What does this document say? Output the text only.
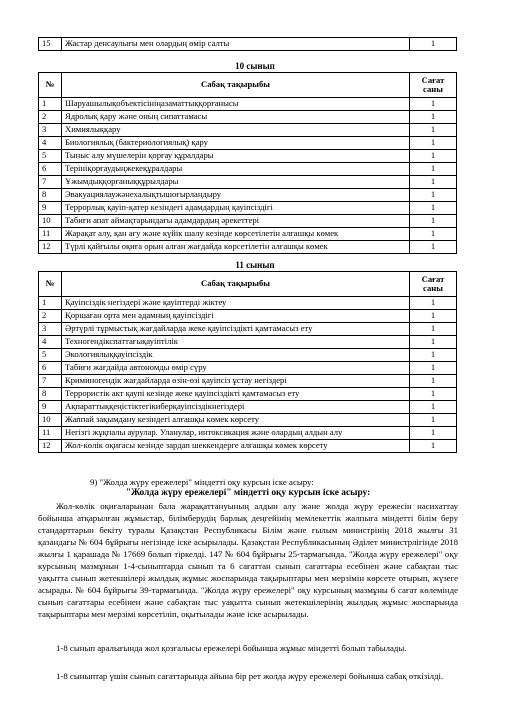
15	Жастар денсаулығы мен олардың өмір салты	1
10 сынып
№	Сабақ тақырыбы	Сағат
саны
1	Шаруашылықобъектісініңазаматтыққорғанысы	1
2	Ядролық қару және оның сипаттамасы	1
3	Химиялыққару	1
4	Биологиялық (бактериологиялық) қару	1
5	Тыныс алу мүшелерін қорғау құралдары	1
6	Терініқорғаудыңжекеқұралдары	1
7	Ұжымдыққорғаныққұрылдары	1
8	Эвакуациялаужәнехалықтышоғырландыру	1
9	Террорлық қауіп-қатер кезіндегі адамдардың қауіпсіздігі	1
10	Табиғи апат аймақтарындағы адамдардың әрекеттері	1
11	Жарақат алу, қан ағу және күйік шалу кезінде көрсетілетін алғашқы көмек	1
12	Түрлі қайғылы оқиға орын алған жағдайда көрсетілетін алғашқы көмек	1
11 сынып
№	Сабақ тақырыбы	Сағат
саны
1	Қауіпсіздік негіздері және қауіптерді жіктеу	1
2	Қоршаған орта мен адамның қауіпсіздігі	1
3	Әртүрлі тұрмыстық жағдайларда жеке қауіпсіздікті қамтамасыз ету	1
4	Техногендікспаттағықауіптілік	1
5	Экологиялыққауіпсіздік	1
6	Табиғи жағдайда автономды өмір сүру	1
7	Криминогендік жағдайларда өзін-өзі қауіпсіз ұстау негіздері	1
8	Террористік акт қаупі кезінде жеке қауіпсіздікті қамтамасыз ету	1
9	Ақпараттыққеңістіктегікиберқауіпсіздікнегіздері	1
10	Жаппай зақымдану кезіндегі алғашқы көмек көрсету	1
11	Негізгі жұқпалы аурулар. Уланулар, интоксикация және олардың алдын алу	1
12	Жол-көлік оқиғасы кезінде зардап шеккендерге алғашқы көмек көрсету	1
9) "Жолда жүру ережелері" міндетті оқу курсын іске асыру:
"Жолда жүру ережелері" міндетті оқу курсын іске асыру:
Жол-көлік оқиғаларынан бала жарақаттануының алдын алу және жолда жүру ережесін насихаттау бойынша атқарылған жұмыстар, білімберудің барлық деңгейінің мемлекеттік жалпыға міндетті білім беру стандарттарын бекіту туралы Қазақстан Республикасы Білім және ғылым министрінің 2018 жылғы 31 қазандағы № 604 бұйрығы негізінде іске асырылады. Қазақстан Республикасының Әділет министрлігінде 2018 жылғы 1 қарашада № 17669 болып тіркелді. 147 № 604 бұйрығы 25-тармағында. "Жолда жүру ережелері" оқу курсының мазмұнын 1-4-сыныптарда сынып та 6 сағаттан сынып сағаттары есебінен және сабақтан тыс уақытта сынып жетекшілері жылдық жұмыс жоспарында тақырыптары мен мерзімін көрсете отырып, жүзеге асырады. № 604 бұйрығы 39-тармағында. "Жолда жүру ережелері" оқу курсының мазмұны 6 сағат көлемінде сынып сағаттары есебінен және сабақтан тыс уақытта сынып жетекшілерінің жылдық жұмыс жоспарында тақырыптары мен мерзімі көрсетіліп, оқытылады және іске асырылады.
1-8 сынып аралығында жол қозғалысы ережелері бойынша жұмыс міндетті болып табылады.
1-8 сыныптар үшін сынып сағаттарында айына бір рет жолда жүру ережелері бойынша сабақ өткізілді.
